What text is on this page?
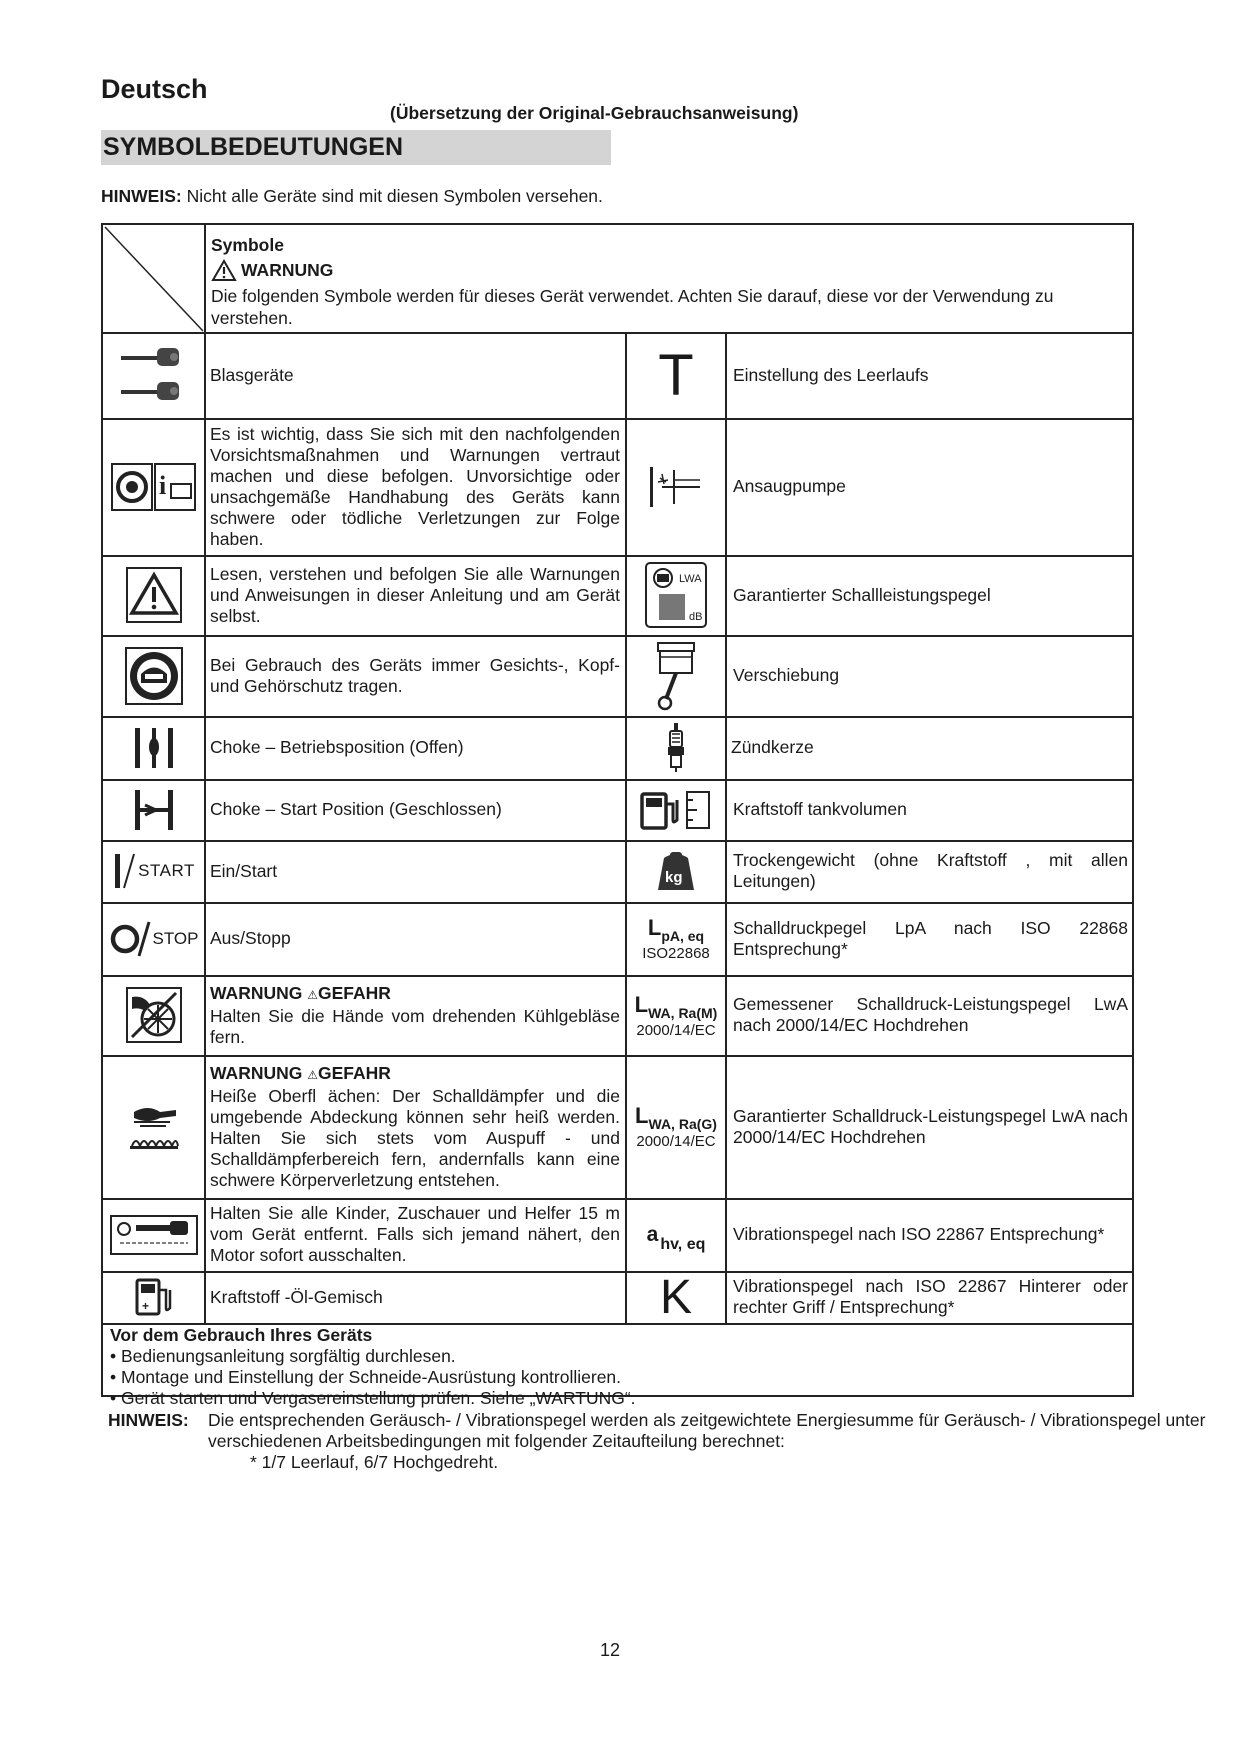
Deutsch
(Übersetzung der Original-Gebrauchsanweisung)
SYMBOLBEDEUTUNGEN
HINWEIS: Nicht alle Geräte sind mit diesen Symbolen versehen.
Symbole
WARNUNG
Die folgenden Symbole werden für dieses Gerät verwendet. Achten Sie darauf, diese vor der Verwendung zu verstehen.
Blasgeräte
i
Es ist wichtig, dass Sie sich mit den nachfolgenden Vorsichtsmaßnahmen und Warnungen vertraut machen und diese befolgen. Unvorsichtige oder unsachgemäße Handhabung des Geräts kann schwere oder tödliche Verletzungen zur Folge haben.
Lesen, verstehen und befolgen Sie alle Warnungen und Anweisungen in dieser Anleitung und am Gerät selbst.
Bei Gebrauch des Geräts immer Gesichts-, Kopf- und Gehörschutz tragen.
Choke – Betriebsposition (Offen)
Choke – Start Position (Geschlossen)
START Ein/Start
STOP Aus/Stopp
WARNUNG ⚠GEFAHR
Halten Sie die Hände vom drehenden Kühlgebläse fern.
WARNUNG ⚠GEFAHR
Heiße Oberfl ächen: Der Schalldämpfer und die umgebende Abdeckung können sehr heiß werden. Halten Sie sich stets vom Auspuff - und Schalldämpferbereich fern, andernfalls kann eine schwere Körperverletzung entstehen.
Halten Sie alle Kinder, Zuschauer und Helfer 15 m vom Gerät entfernt. Falls sich jemand nähert, den Motor sofort ausschalten.
+	Kraftstoff -Öl-Gemisch
T Einstellung des Leerlaufs
Ansaugpumpe
LWA
dB
Garantierter Schallleistungspegel
Verschiebung
Zündkerze
Kraftstoff tankvolumen
kg
Trockengewicht (ohne Kraftstoff , mit allen Leitungen)
LpA, eq
ISO22868
Schalldruckpegel LpA nach ISO 22868 Entsprechung*
LWA, Ra(M)
2000/14/EC
Gemessener Schalldruck-Leistungspegel LwA nach 2000/14/EC Hochdrehen
LWA, Ra(G)
2000/14/EC
Garantierter Schalldruck-Leistungspegel LwA nach 2000/14/EC Hochdrehen
a hv, eq Vibrationspegel nach ISO 22867 Entsprechung*
K Vibrationspegel nach ISO 22867 Hinterer oder rechter Griff / Entsprechung*
Vor dem Gebrauch Ihres Geräts
• Bedienungsanleitung sorgfältig durchlesen.
• Montage und Einstellung der Schneide-Ausrüstung kontrollieren.
• Gerät starten und Vergasereinstellung prüfen. Siehe „WARTUNG“.
HINWEIS: Die entsprechenden Geräusch- / Vibrationspegel werden als zeitgewichtete Energiesumme für Geräusch- / Vibrationspegel unter verschiedenen Arbeitsbedingungen mit folgender Zeitaufteilung berechnet:
* 1/7 Leerlauf, 6/7 Hochgedreht.
12
